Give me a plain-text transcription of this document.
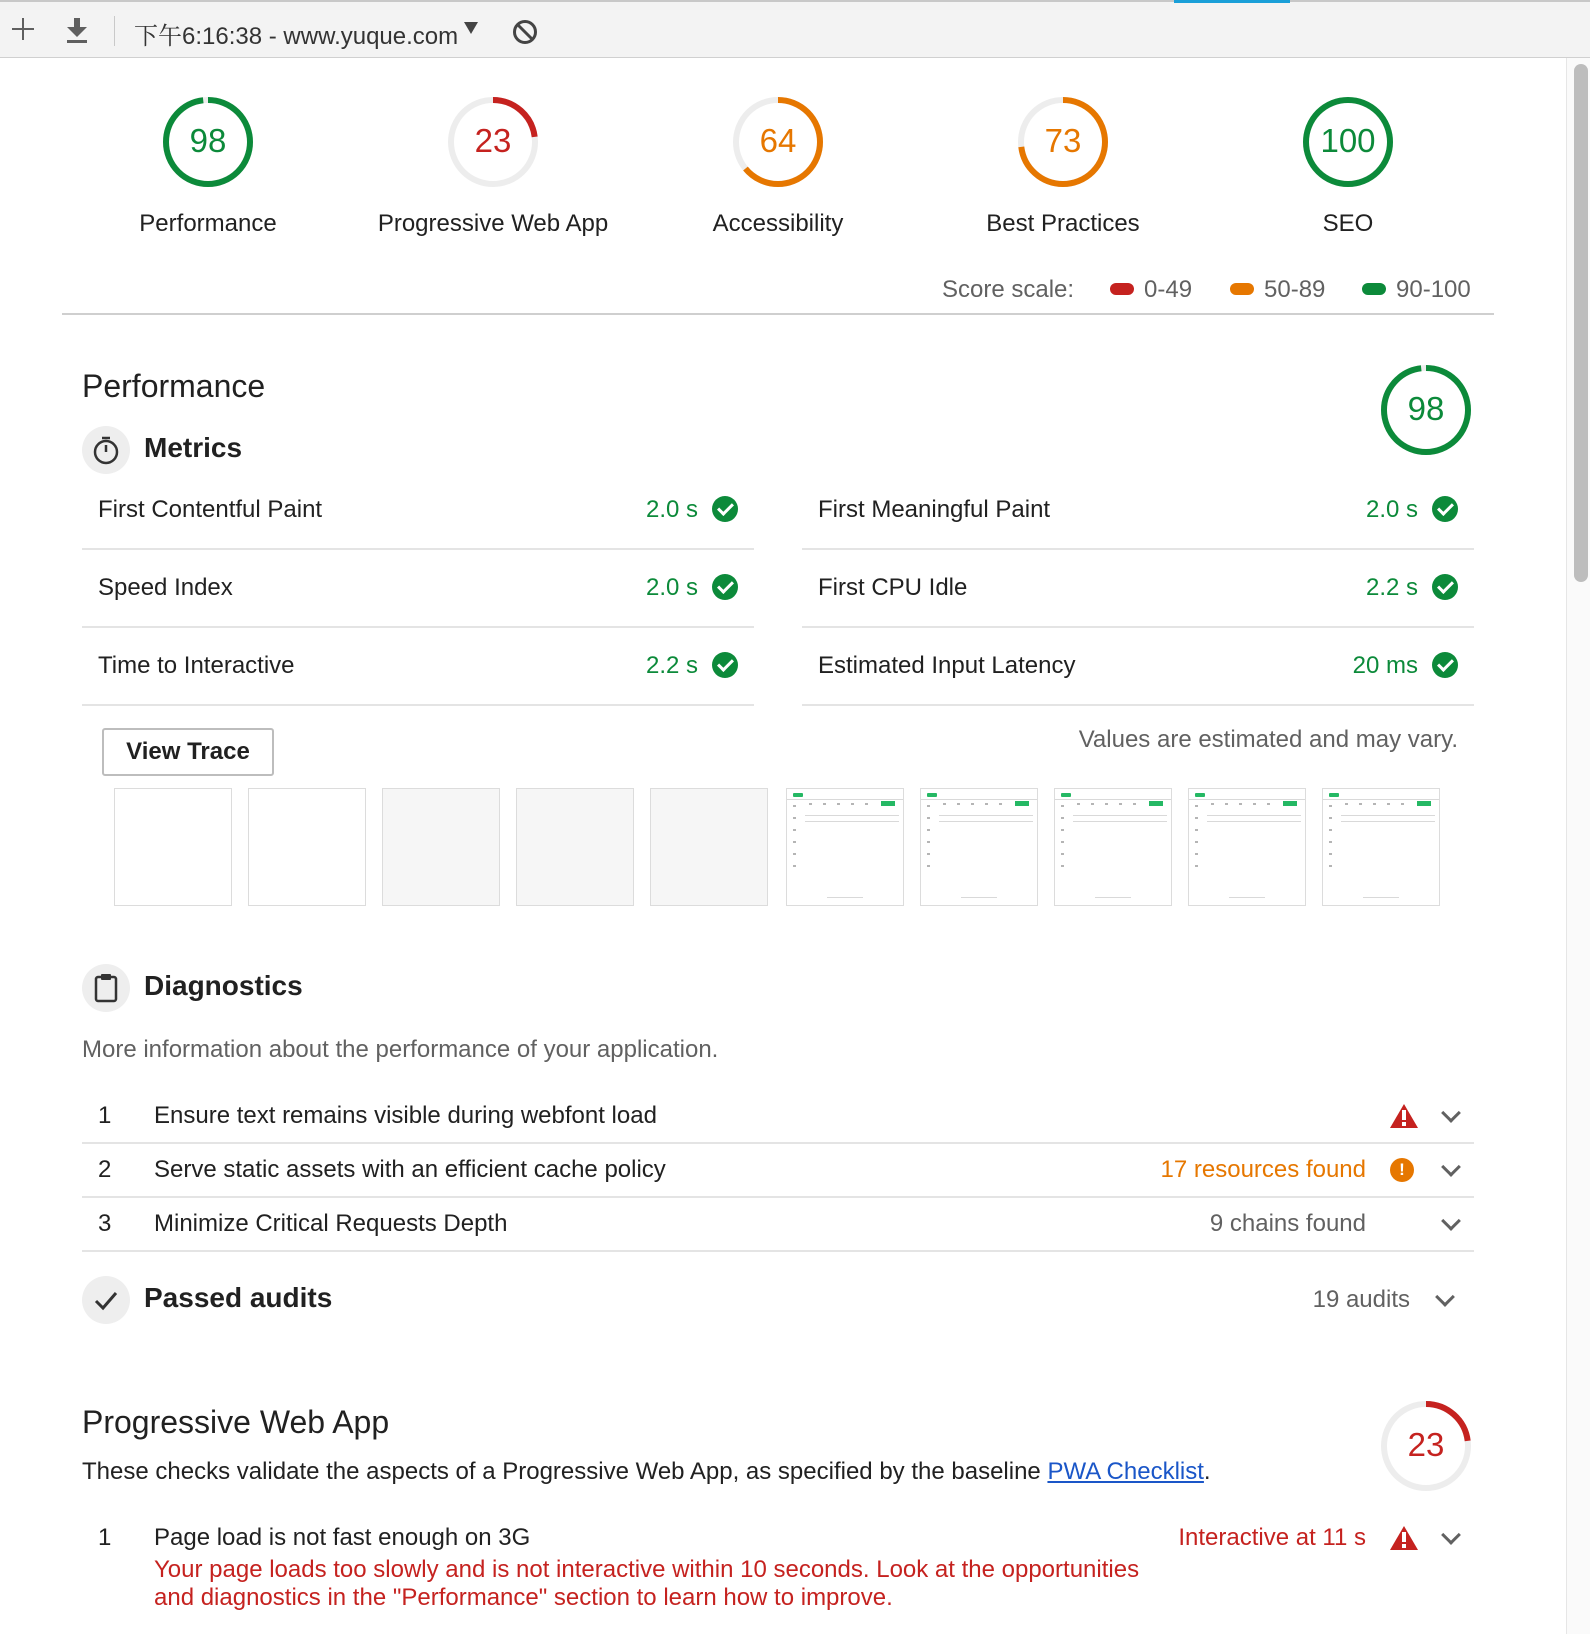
下午6:16:38 - www.yuque.com
98
Performance
23
Progressive Web App
64
Accessibility
73
Best Practices
100
SEO
Score scale:	0-49	50-89	90-100
Performance
98
Metrics
First Contentful Paint	2.0 s	First Meaningful Paint	2.0 s
Speed Index	2.0 s	First CPU Idle	2.2 s
Time to Interactive	2.2 s	Estimated Input Latency	20 ms
View Trace	Values are estimated and may vary.
Diagnostics
More information about the performance of your application.
1 Ensure text remains visible during webfont load
2 Serve static assets with an efficient cache policy	17 resources found	!
3 Minimize Critical Requests Depth	9 chains found
Passed audits	19 audits
Progressive Web App
23
These checks validate the aspects of a Progressive Web App, as specified by the baseline PWA Checklist.
1 Page load is not fast enough on 3G	Interactive at 11 s
Your page loads too slowly and is not interactive within 10 seconds. Look at the opportunities and diagnostics in the "Performance" section to learn how to improve.
